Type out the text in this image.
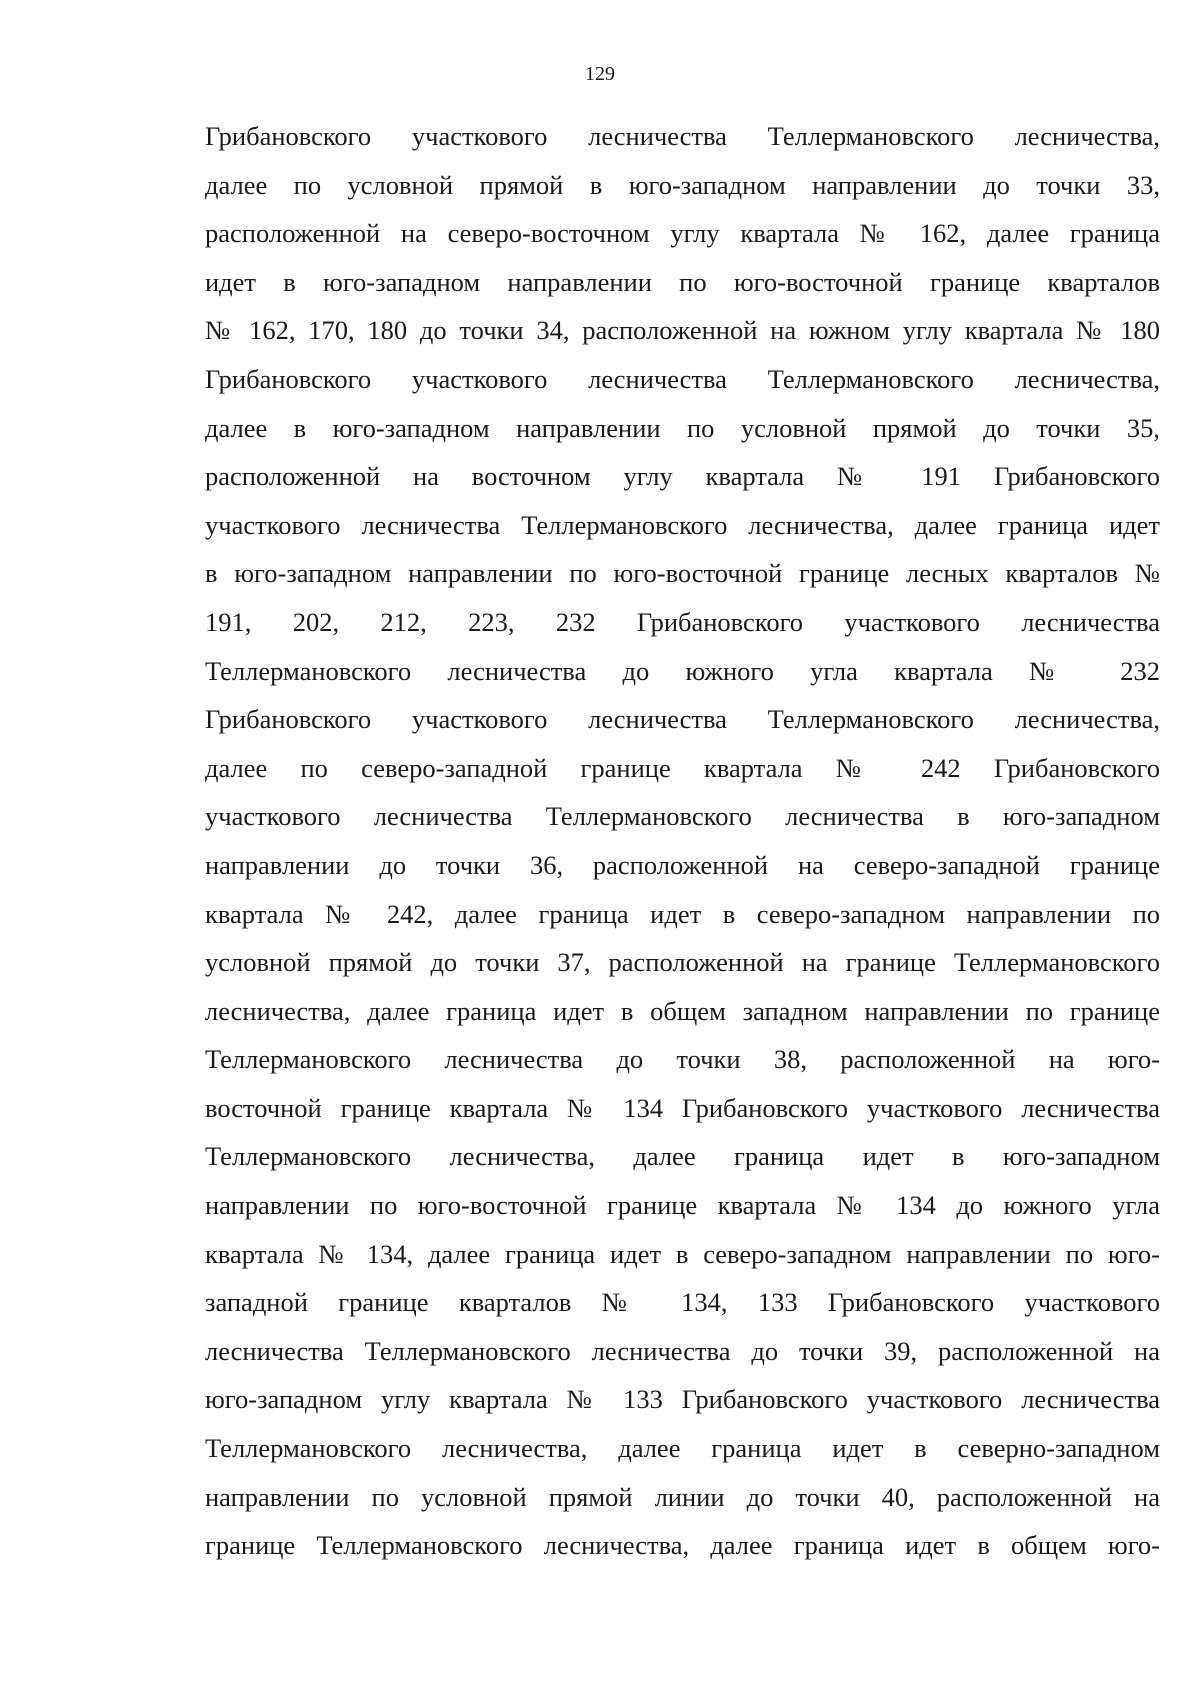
129
Грибановского участкового лесничества Теллермановского лесничества,
далее по условной прямой в юго-западном направлении до точки 33,
расположенной на северо-восточном углу квартала № 162, далее граница
идет в юго-западном направлении по юго-восточной границе кварталов
№ 162, 170, 180 до точки 34, расположенной на южном углу квартала № 180
Грибановского участкового лесничества Теллермановского лесничества,
далее в юго-западном направлении по условной прямой до точки 35,
расположенной на восточном углу квартала № 191 Грибановского
участкового лесничества Теллермановского лесничества, далее граница идет
в юго-западном направлении по юго-восточной границе лесных кварталов №
191, 202, 212, 223, 232 Грибановского участкового лесничества
Теллермановского лесничества до южного угла квартала № 232
Грибановского участкового лесничества Теллермановского лесничества,
далее по северо-западной границе квартала № 242 Грибановского
участкового лесничества Теллермановского лесничества в юго-западном
направлении до точки 36, расположенной на северо-западной границе
квартала № 242, далее граница идет в северо-западном направлении по
условной прямой до точки 37, расположенной на границе Теллермановского
лесничества, далее граница идет в общем западном направлении по границе
Теллермановского лесничества до точки 38, расположенной на юго-
восточной границе квартала № 134 Грибановского участкового лесничества
Теллермановского лесничества, далее граница идет в юго-западном
направлении по юго-восточной границе квартала № 134 до южного угла
квартала № 134, далее граница идет в северо-западном направлении по юго-
западной границе кварталов № 134, 133 Грибановского участкового
лесничества Теллермановского лесничества до точки 39, расположенной на
юго-западном углу квартала № 133 Грибановского участкового лесничества
Теллермановского лесничества, далее граница идет в северно-западном
направлении по условной прямой линии до точки 40, расположенной на
границе Теллермановского лесничества, далее граница идет в общем юго-
